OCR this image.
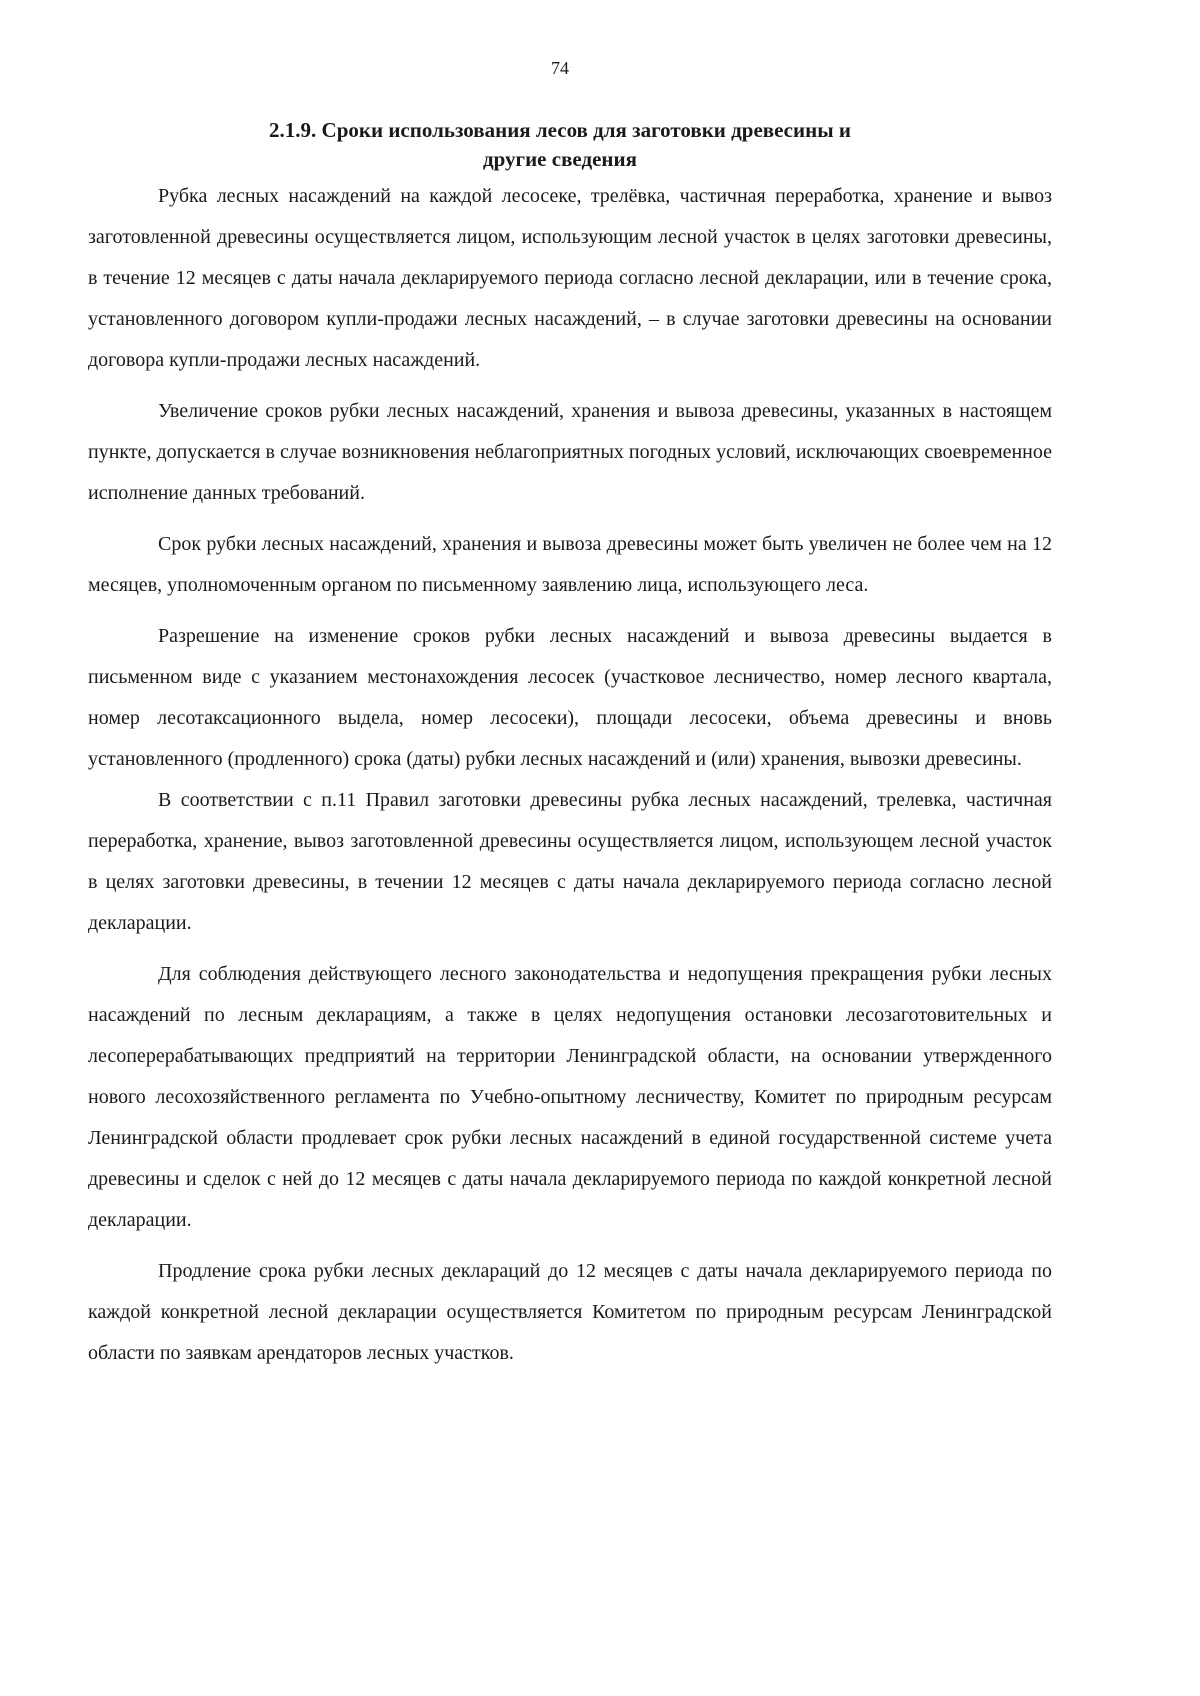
74
2.1.9. Сроки использования лесов для заготовки древесины и
другие сведения

Рубка лесных насаждений на каждой лесосеке, трелёвка, частичная переработка, хранение и вывоз заготовленной древесины осуществляется лицом, использующим лесной участок в целях заготовки древесины, в течение 12 месяцев с даты начала декларируемого периода согласно лесной декларации, или в течение срока, установленного договором купли-продажи лесных насаждений, – в случае заготовки древесины на основании договора купли-продажи лесных насаждений.

Увеличение сроков рубки лесных насаждений, хранения и вывоза древесины, указанных в настоящем пункте, допускается в случае возникновения неблагоприятных погодных условий, исключающих своевременное исполнение данных требований.

Срок рубки лесных насаждений, хранения и вывоза древесины может быть увеличен не более чем на 12 месяцев, уполномоченным органом по письменному заявлению лица, использующего леса.

Разрешение на изменение сроков рубки лесных насаждений и вывоза древесины выдается в письменном виде с указанием местонахождения лесосек (участковое лесничество, номер лесного квартала, номер лесотаксационного выдела, номер лесосеки), площади лесосеки, объема древесины и вновь установленного (продленного) срока (даты) рубки лесных насаждений и (или) хранения, вывозки древесины.

В соответствии с п.11 Правил заготовки древесины рубка лесных насаждений, трелевка, частичная переработка, хранение, вывоз заготовленной древесины осуществляется лицом, использующем лесной участок в целях заготовки древесины, в течении 12 месяцев с даты начала декларируемого периода согласно лесной декларации.

Для соблюдения действующего лесного законодательства и недопущения прекращения рубки лесных насаждений по лесным декларациям, а также в целях недопущения остановки лесозаготовительных и лесоперерабатывающих предприятий на территории Ленинградской области, на основании утвержденного нового лесохозяйственного регламента по Учебно-опытному лесничеству, Комитет по природным ресурсам Ленинградской области продлевает срок рубки лесных насаждений в единой государственной системе учета древесины и сделок с ней до 12 месяцев с даты начала декларируемого периода по каждой конкретной лесной декларации.

Продление срока рубки лесных деклараций до 12 месяцев с даты начала декларируемого периода по каждой конкретной лесной декларации осуществляется Комитетом по природным ресурсам Ленинградской области по заявкам арендаторов лесных участков.
